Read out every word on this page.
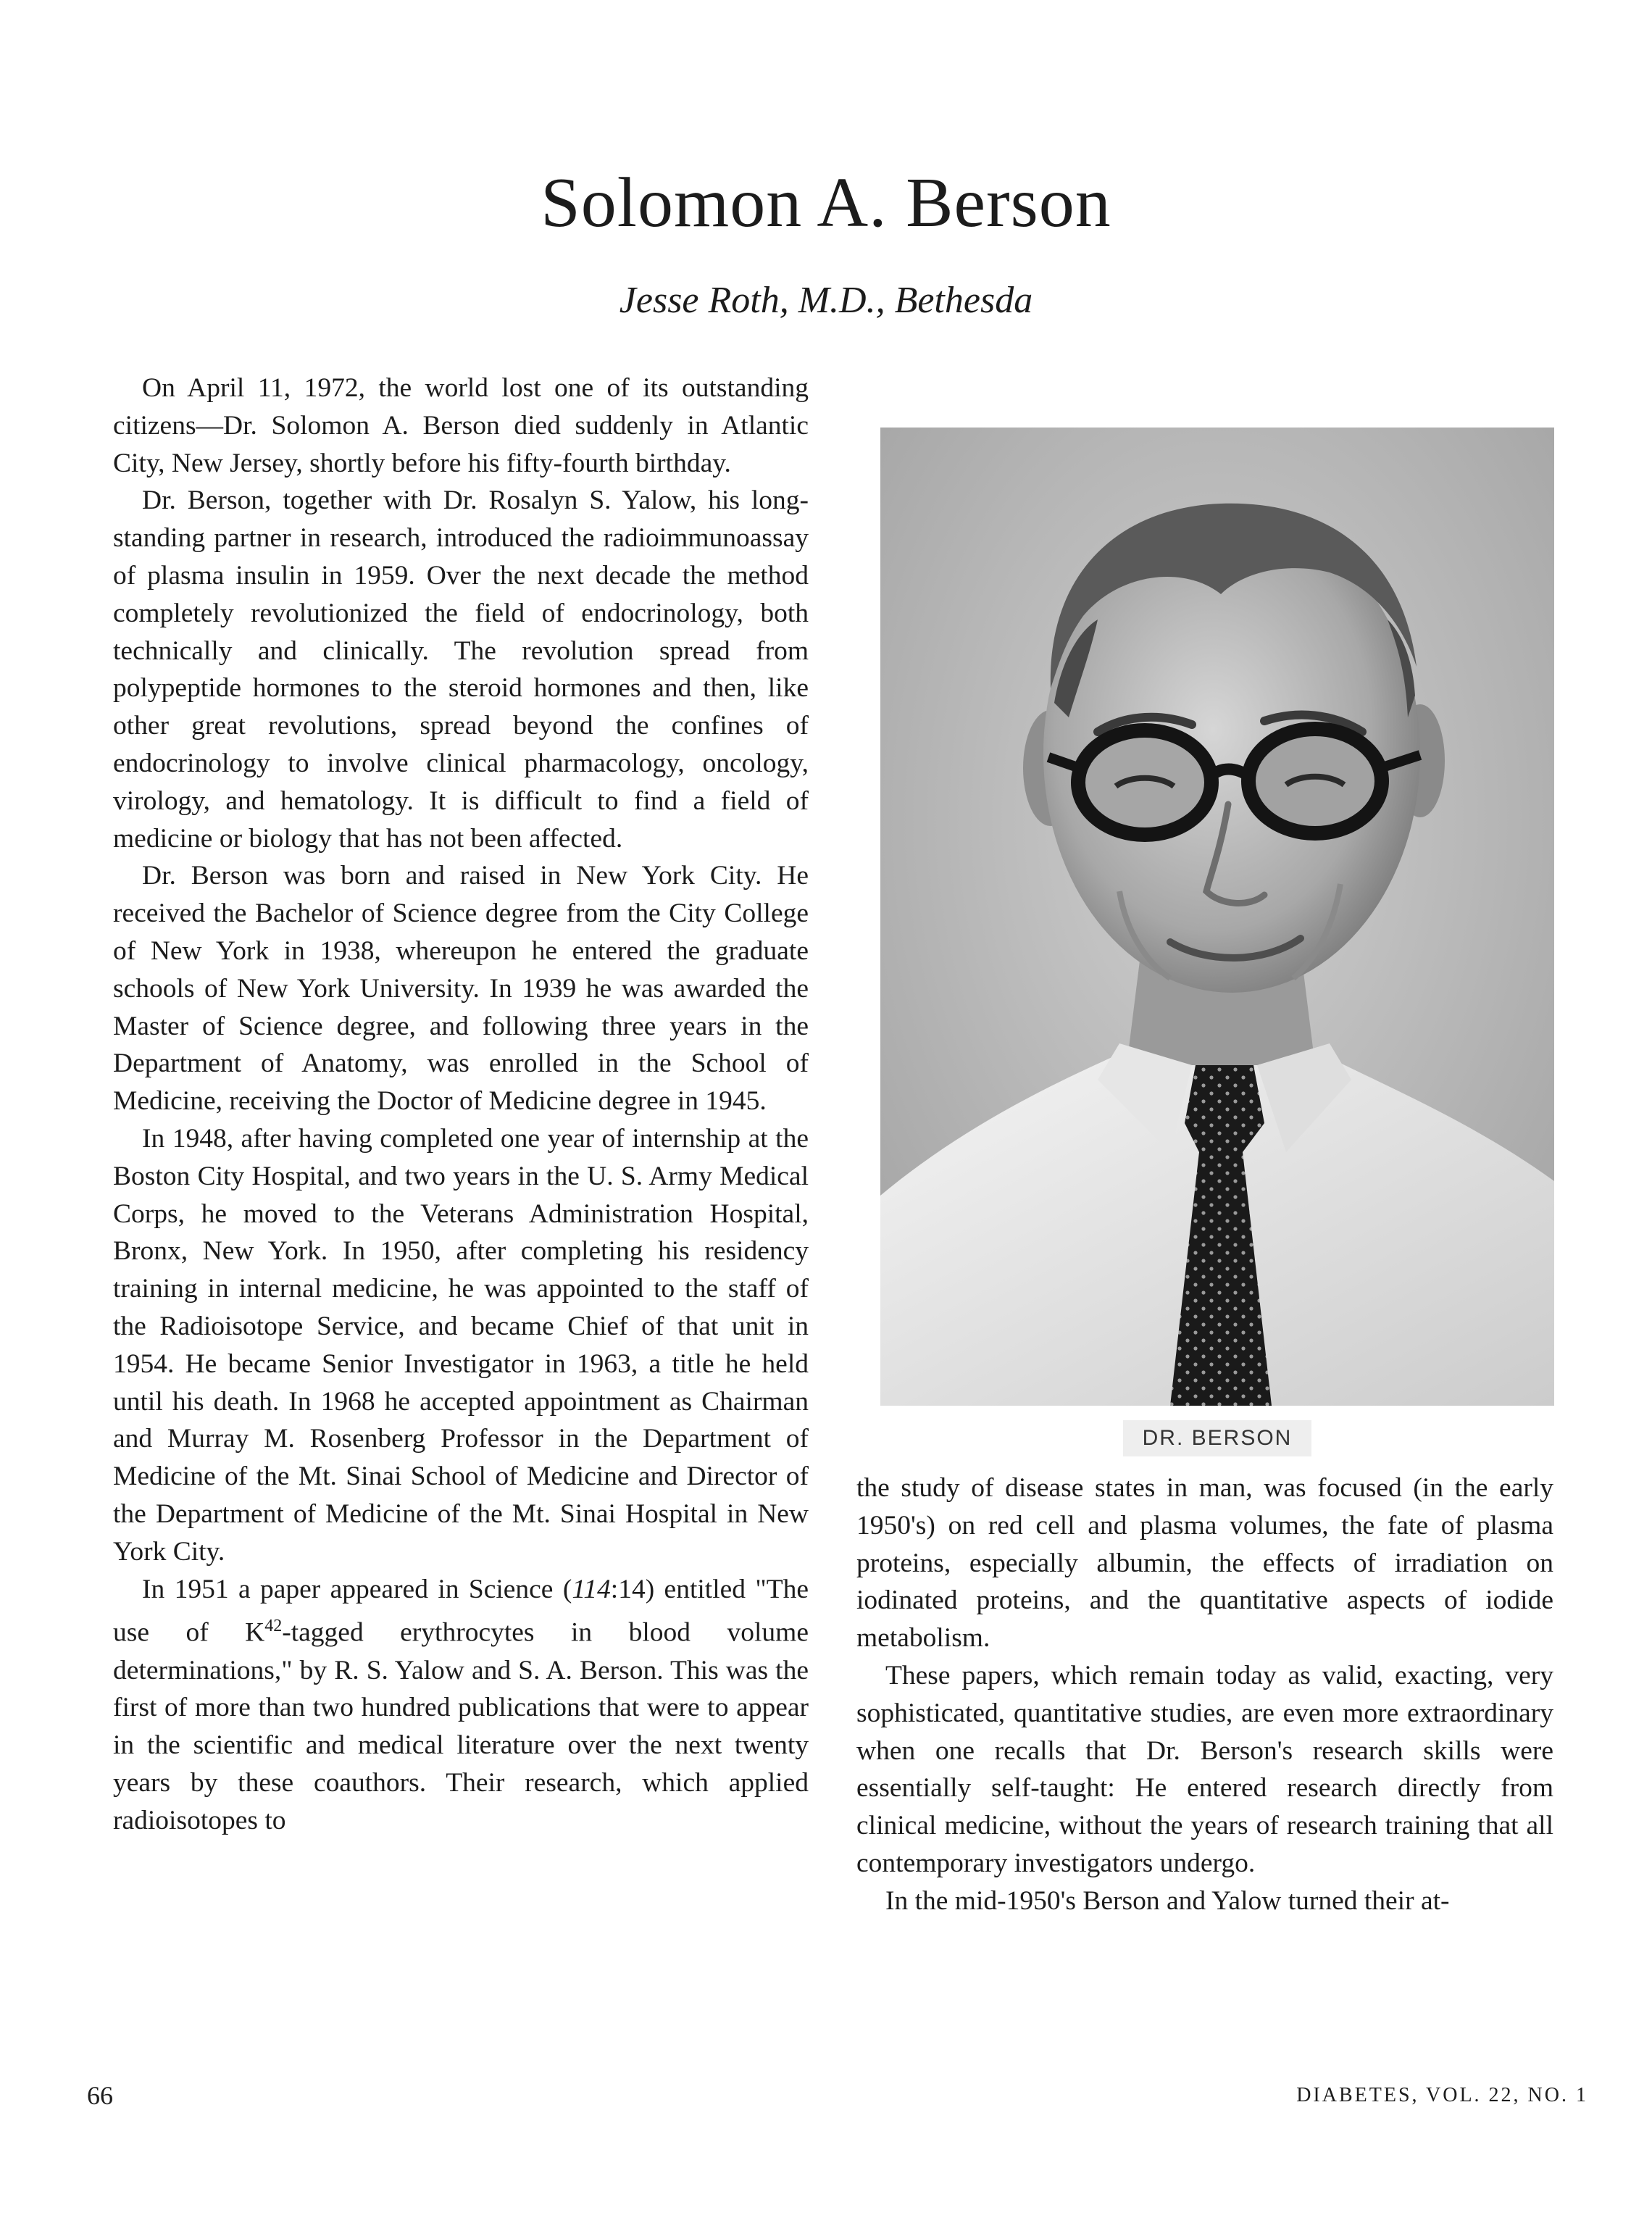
Solomon A. Berson
Jesse Roth, M.D., Bethesda

On April 11, 1972, the world lost one of its outstanding citizens—Dr. Solomon A. Berson died suddenly in Atlantic City, New Jersey, shortly before his fifty-fourth birthday.

Dr. Berson, together with Dr. Rosalyn S. Yalow, his long-standing partner in research, introduced the radioimmunoassay of plasma insulin in 1959. Over the next decade the method completely revolutionized the field of endocrinology, both technically and clinically. The revolution spread from polypeptide hormones to the steroid hormones and then, like other great revolutions, spread beyond the confines of endocrinology to involve clinical pharmacology, oncology, virology, and hematology. It is difficult to find a field of medicine or biology that has not been affected.

Dr. Berson was born and raised in New York City. He received the Bachelor of Science degree from the City College of New York in 1938, whereupon he entered the graduate schools of New York University. In 1939 he was awarded the Master of Science degree, and following three years in the Department of Anatomy, was enrolled in the School of Medicine, receiving the Doctor of Medicine degree in 1945.

In 1948, after having completed one year of internship at the Boston City Hospital, and two years in the U. S. Army Medical Corps, he moved to the Veterans Administration Hospital, Bronx, New York. In 1950, after completing his residency training in internal medicine, he was appointed to the staff of the Radioisotope Service, and became Chief of that unit in 1954. He became Senior Investigator in 1963, a title he held until his death. In 1968 he accepted appointment as Chairman and Murray M. Rosenberg Professor in the Department of Medicine of the Mt. Sinai School of Medicine and Director of the Department of Medicine of the Mt. Sinai Hospital in New York City.

In 1951 a paper appeared in Science (114:14) entitled "The use of $K^{42}$-tagged erythrocytes in blood volume determinations," by R. S. Yalow and S. A. Berson. This was the first of more than two hundred publications that were to appear in the scientific and medical literature over the next twenty years by these coauthors. Their research, which applied radioisotopes to

DR. BERSON

the study of disease states in man, was focused (in the early 1950's) on red cell and plasma volumes, the fate of plasma proteins, especially albumin, the effects of irradiation on iodinated proteins, and the quantitative aspects of iodide metabolism.

These papers, which remain today as valid, exacting, very sophisticated, quantitative studies, are even more extraordinary when one recalls that Dr. Berson's research skills were essentially self-taught: He entered research directly from clinical medicine, without the years of research training that all contemporary investigators undergo.

In the mid-1950's Berson and Yalow turned their at-

66	DIABETES, VOL. 22, NO. 1
